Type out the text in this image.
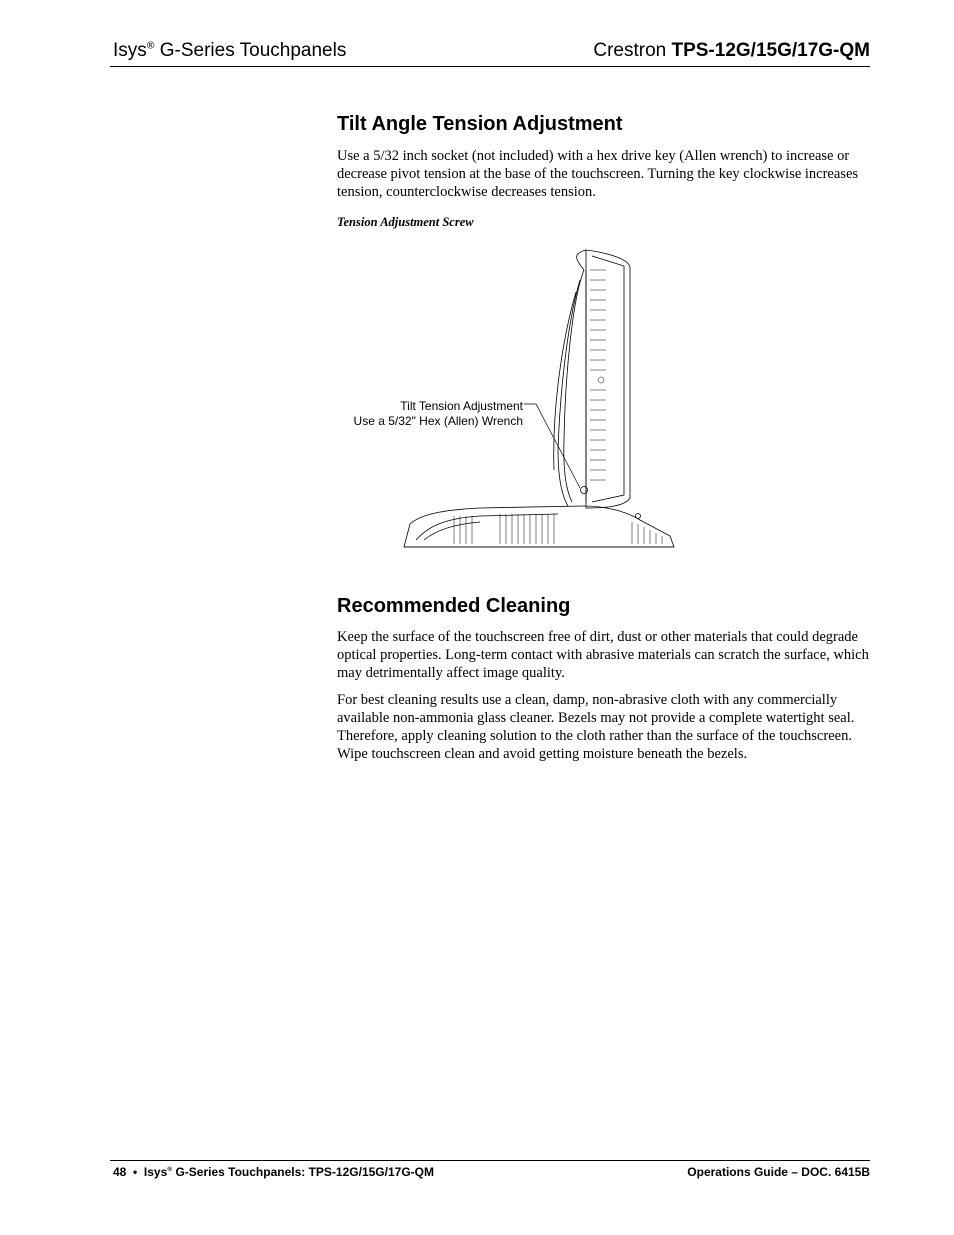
Isys® G-Series Touchpanels	Crestron TPS-12G/15G/17G-QM
Tilt Angle Tension Adjustment

Use a 5/32 inch socket (not included) with a hex drive key (Allen wrench) to increase or decrease pivot tension at the base of the touchscreen. Turning the key clockwise increases tension, counterclockwise decreases tension.

Tension Adjustment Screw
Tilt Tension Adjustment
Use a 5/32" Hex (Allen) Wrench
Recommended Cleaning

Keep the surface of the touchscreen free of dirt, dust or other materials that could degrade optical properties. Long-term contact with abrasive materials can scratch the surface, which may detrimentally affect image quality.

For best cleaning results use a clean, damp, non-abrasive cloth with any commercially available non-ammonia glass cleaner. Bezels may not provide a complete watertight seal. Therefore, apply cleaning solution to the cloth rather than the surface of the touchscreen. Wipe touchscreen clean and avoid getting moisture beneath the bezels.

48 • Isys® G-Series Touchpanels: TPS-12G/15G/17G-QM	Operations Guide – DOC. 6415B
